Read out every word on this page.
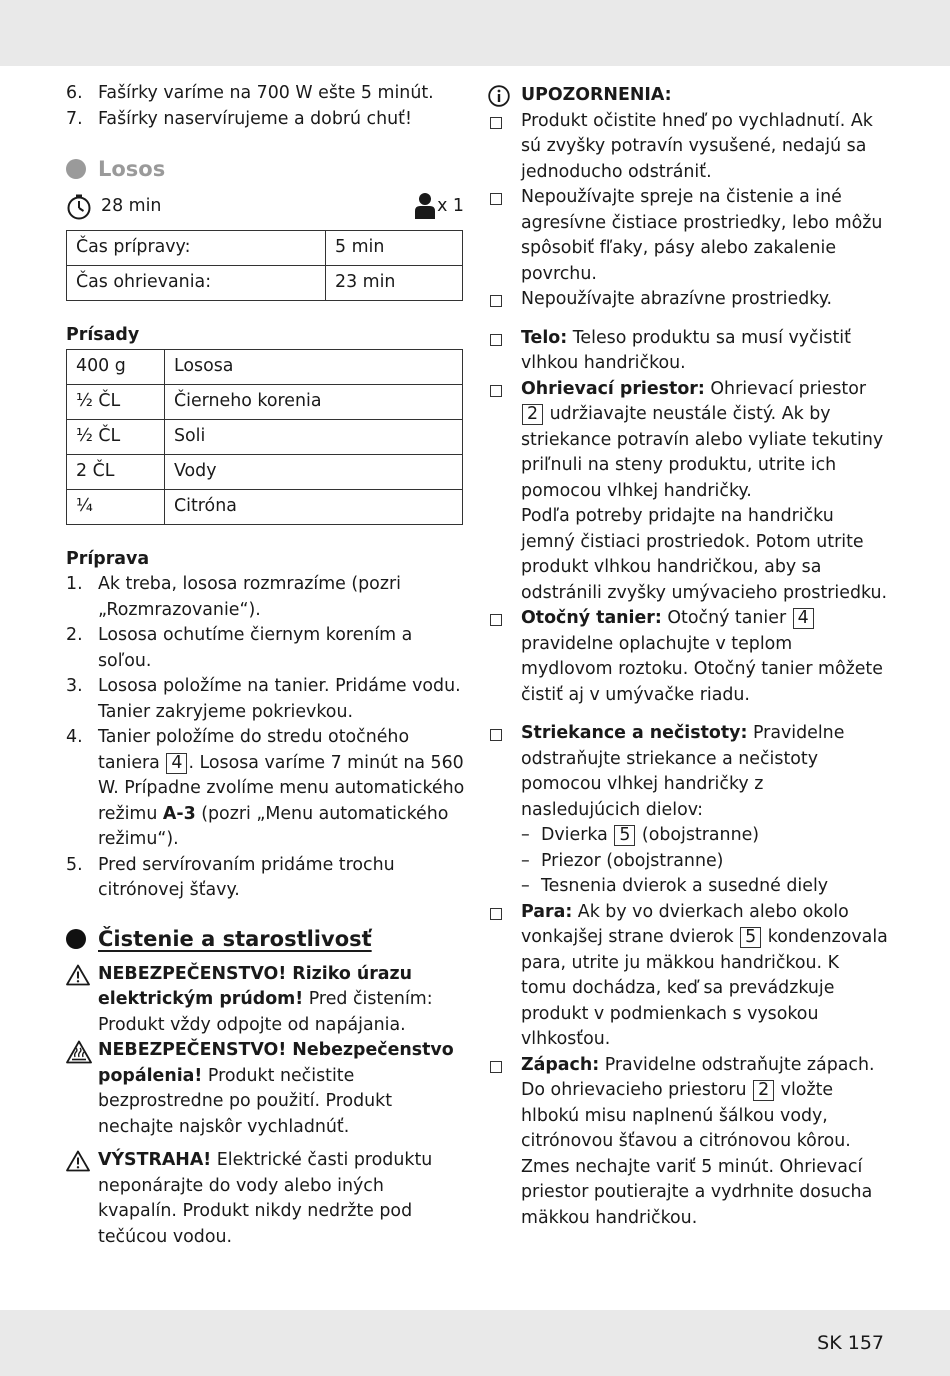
6. Fašírky varíme na 700 W ešte 5 minút.
7. Fašírky naservírujeme a dobrú chuť!
Losos
28 min	x 1
Čas prípravy:	5 min
Čas ohrievania:	23 min
Prísady
400 g	Lososa
½ ČL	Čierneho korenia
½ ČL	Soli
2 ČL	Vody
¼	Citróna
Príprava
1. Ak treba, lososa rozmrazíme (pozri „Rozmrazovanie“).
2. Lososa ochutíme čiernym korením a soľou.
3. Lososa položíme na tanier. Pridáme vodu. Tanier zakryjeme pokrievkou.
4. Tanier položíme do stredu otočného taniera 4 . Lososa varíme 7 minút na 560 W. Prípadne zvolíme menu automatického režimu A-3 (pozri „Menu automatického režimu“).
5. Pred servírovaním pridáme trochu citrónovej šťavy.
Čistenie a starostlivosť
NEBEZPEČENSTVO! Riziko úrazu elektrickým prúdom! Pred čistením: Produkt vždy odpojte od napájania.
NEBEZPEČENSTVO! Nebezpečenstvo popálenia! Produkt nečistite bezprostredne po použití. Produkt nechajte najskôr vychladnúť.
VÝSTRAHA! Elektrické časti produktu neponárajte do vody alebo iných kvapalín. Produkt nikdy nedržte pod tečúcou vodou.
UPOZORNENIA:
Produkt očistite hneď po vychladnutí. Ak sú zvyšky potravín vysušené, nedajú sa jednoducho odstrániť.
Nepoužívajte spreje na čistenie a iné agresívne čistiace prostriedky, lebo môžu spôsobiť fľaky, pásy alebo zakalenie povrchu.
Nepoužívajte abrazívne prostriedky.
Telo: Teleso produktu sa musí vyčistiť vlhkou handričkou.
Ohrievací priestor: Ohrievací priestor 2 udržiavajte neustále čistý. Ak by striekance potravín alebo vyliate tekutiny priľnuli na steny produktu, utrite ich pomocou vlhkej handričky.
Podľa potreby pridajte na handričku jemný čistiaci prostriedok. Potom utrite produkt vlhkou handričkou, aby sa odstránili zvyšky umývacieho prostriedku.
Otočný tanier: Otočný tanier 4 pravidelne oplachujte v teplom mydlovom roztoku. Otočný tanier môžete čistiť aj v umývačke riadu.
Striekance a nečistoty: Pravidelne odstraňujte striekance a nečistoty pomocou vlhkej handričky z nasledujúcich dielov:
– Dvierka 5 (obojstranne)
– Priezor (obojstranne)
– Tesnenia dvierok a susedné diely
Para: Ak by vo dvierkach alebo okolo vonkajšej strane dvierok 5 kondenzovala para, utrite ju mäkkou handričkou. K tomu dochádza, keď sa prevádzkuje produkt v podmienkach s vysokou vlhkosťou.
Zápach: Pravidelne odstraňujte zápach. Do ohrievacieho priestoru 2 vložte hlbokú misu naplnenú šálkou vody, citrónovou šťavou a citrónovou kôrou. Zmes nechajte variť 5 minút. Ohrievací priestor poutierajte a vydrhnite dosucha mäkkou handričkou.
SK 157
